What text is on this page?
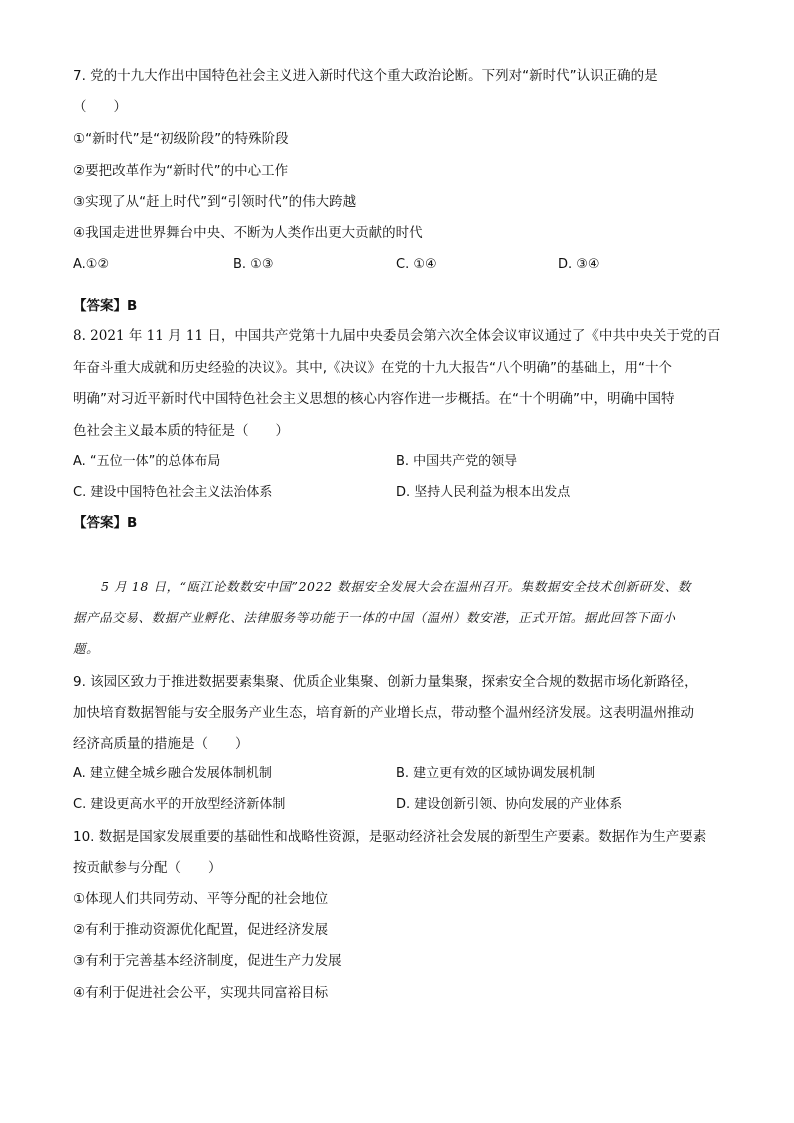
7. 党的十九大作出中国特色社会主义进入新时代这个重大政治论断。下列对“新时代”认识正确的是
（　　）
①“新时代”是“初级阶段”的特殊阶段
②要把改革作为“新时代”的中心工作
③实现了从“赶上时代”到“引领时代”的伟大跨越
④我国走进世界舞台中央、不断为人类作出更大贡献的时代
A.①②	B. ①③	C. ①④	D. ③④
【答案】B
8. 2021 年 11 月 11 日，中国共产党第十九届中央委员会第六次全体会议审议通过了《中共中央关于党的百
年奋斗重大成就和历史经验的决议》。其中,《决议》在党的十九大报告“八个明确”的基础上，用“十个
明确”对习近平新时代中国特色社会主义思想的核心内容作进一步概括。在“十个明确”中，明确中国特
色社会主义最本质的特征是（　　）
A. “五位一体”的总体布局	B. 中国共产党的领导
C. 建设中国特色社会主义法治体系	D. 坚持人民利益为根本出发点
【答案】B
5 月 18 日，“瓯江论数数安中国”2022 数据安全发展大会在温州召开。集数据安全技术创新研发、数
据产品交易、数据产业孵化、法律服务等功能于一体的中国（温州）数安港，正式开馆。据此回答下面小
题。
9. 该园区致力于推进数据要素集聚、优质企业集聚、创新力量集聚，探索安全合规的数据市场化新路径，
加快培育数据智能与安全服务产业生态，培育新的产业增长点，带动整个温州经济发展。这表明温州推动
经济高质量的措施是（　　）
A. 建立健全城乡融合发展体制机制	B. 建立更有效的区域协调发展机制
C. 建设更高水平的开放型经济新体制	D. 建设创新引领、协向发展的产业体系
10. 数据是国家发展重要的基础性和战略性资源，是驱动经济社会发展的新型生产要素。数据作为生产要素
按贡献参与分配（　　）
①体现人们共同劳动、平等分配的社会地位
②有利于推动资源优化配置，促进经济发展
③有利于完善基本经济制度，促进生产力发展
④有利于促进社会公平，实现共同富裕目标
